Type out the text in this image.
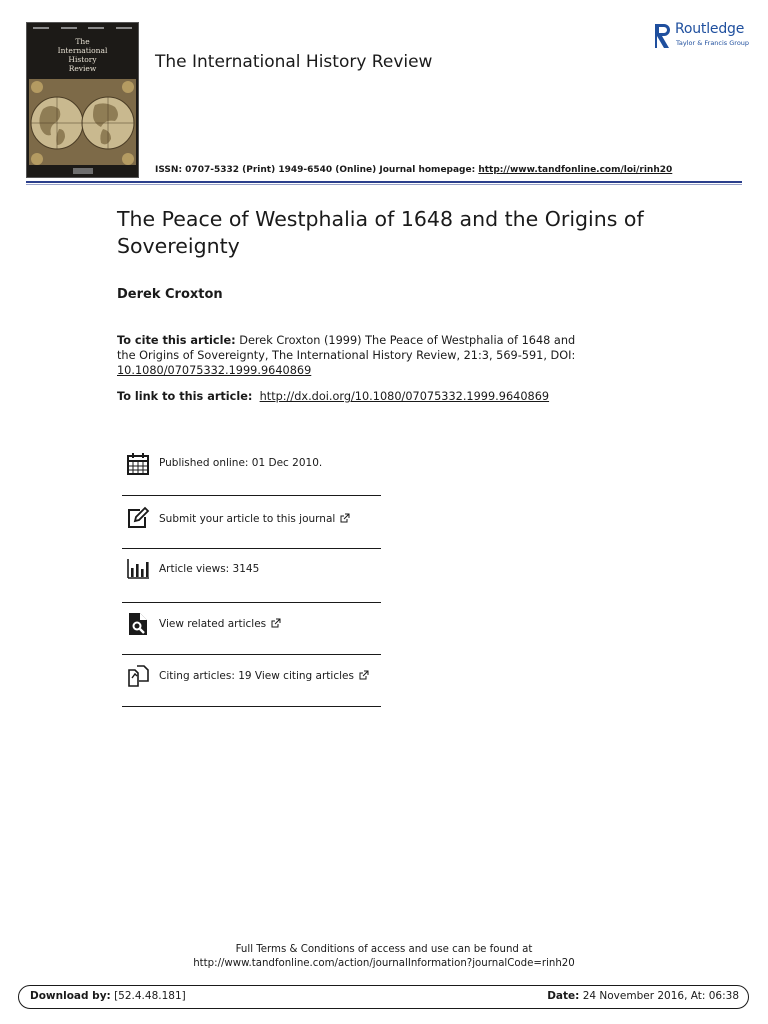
The
International
History
Review	The International History Review
ISSN: 0707-5332 (Print) 1949-6540 (Online) Journal homepage: http://www.tandfonline.com/loi/rinh20
Routledge
Taylor & Francis Group
The Peace of Westphalia of 1648 and the Origins of Sovereignty
Derek Croxton
To cite this article: Derek Croxton (1999) The Peace of Westphalia of 1648 and the Origins of Sovereignty, The International History Review, 21:3, 569-591, DOI: 10.1080/07075332.1999.9640869
To link to this article: http://dx.doi.org/10.1080/07075332.1999.9640869
Published online: 01 Dec 2010.
Submit your article to this journal
Article views: 3145
View related articles
Citing articles: 19 View citing articles
Full Terms & Conditions of access and use can be found at
http://www.tandfonline.com/action/journalInformation?journalCode=rinh20
Download by: [52.4.48.181]	Date: 24 November 2016, At: 06:38
